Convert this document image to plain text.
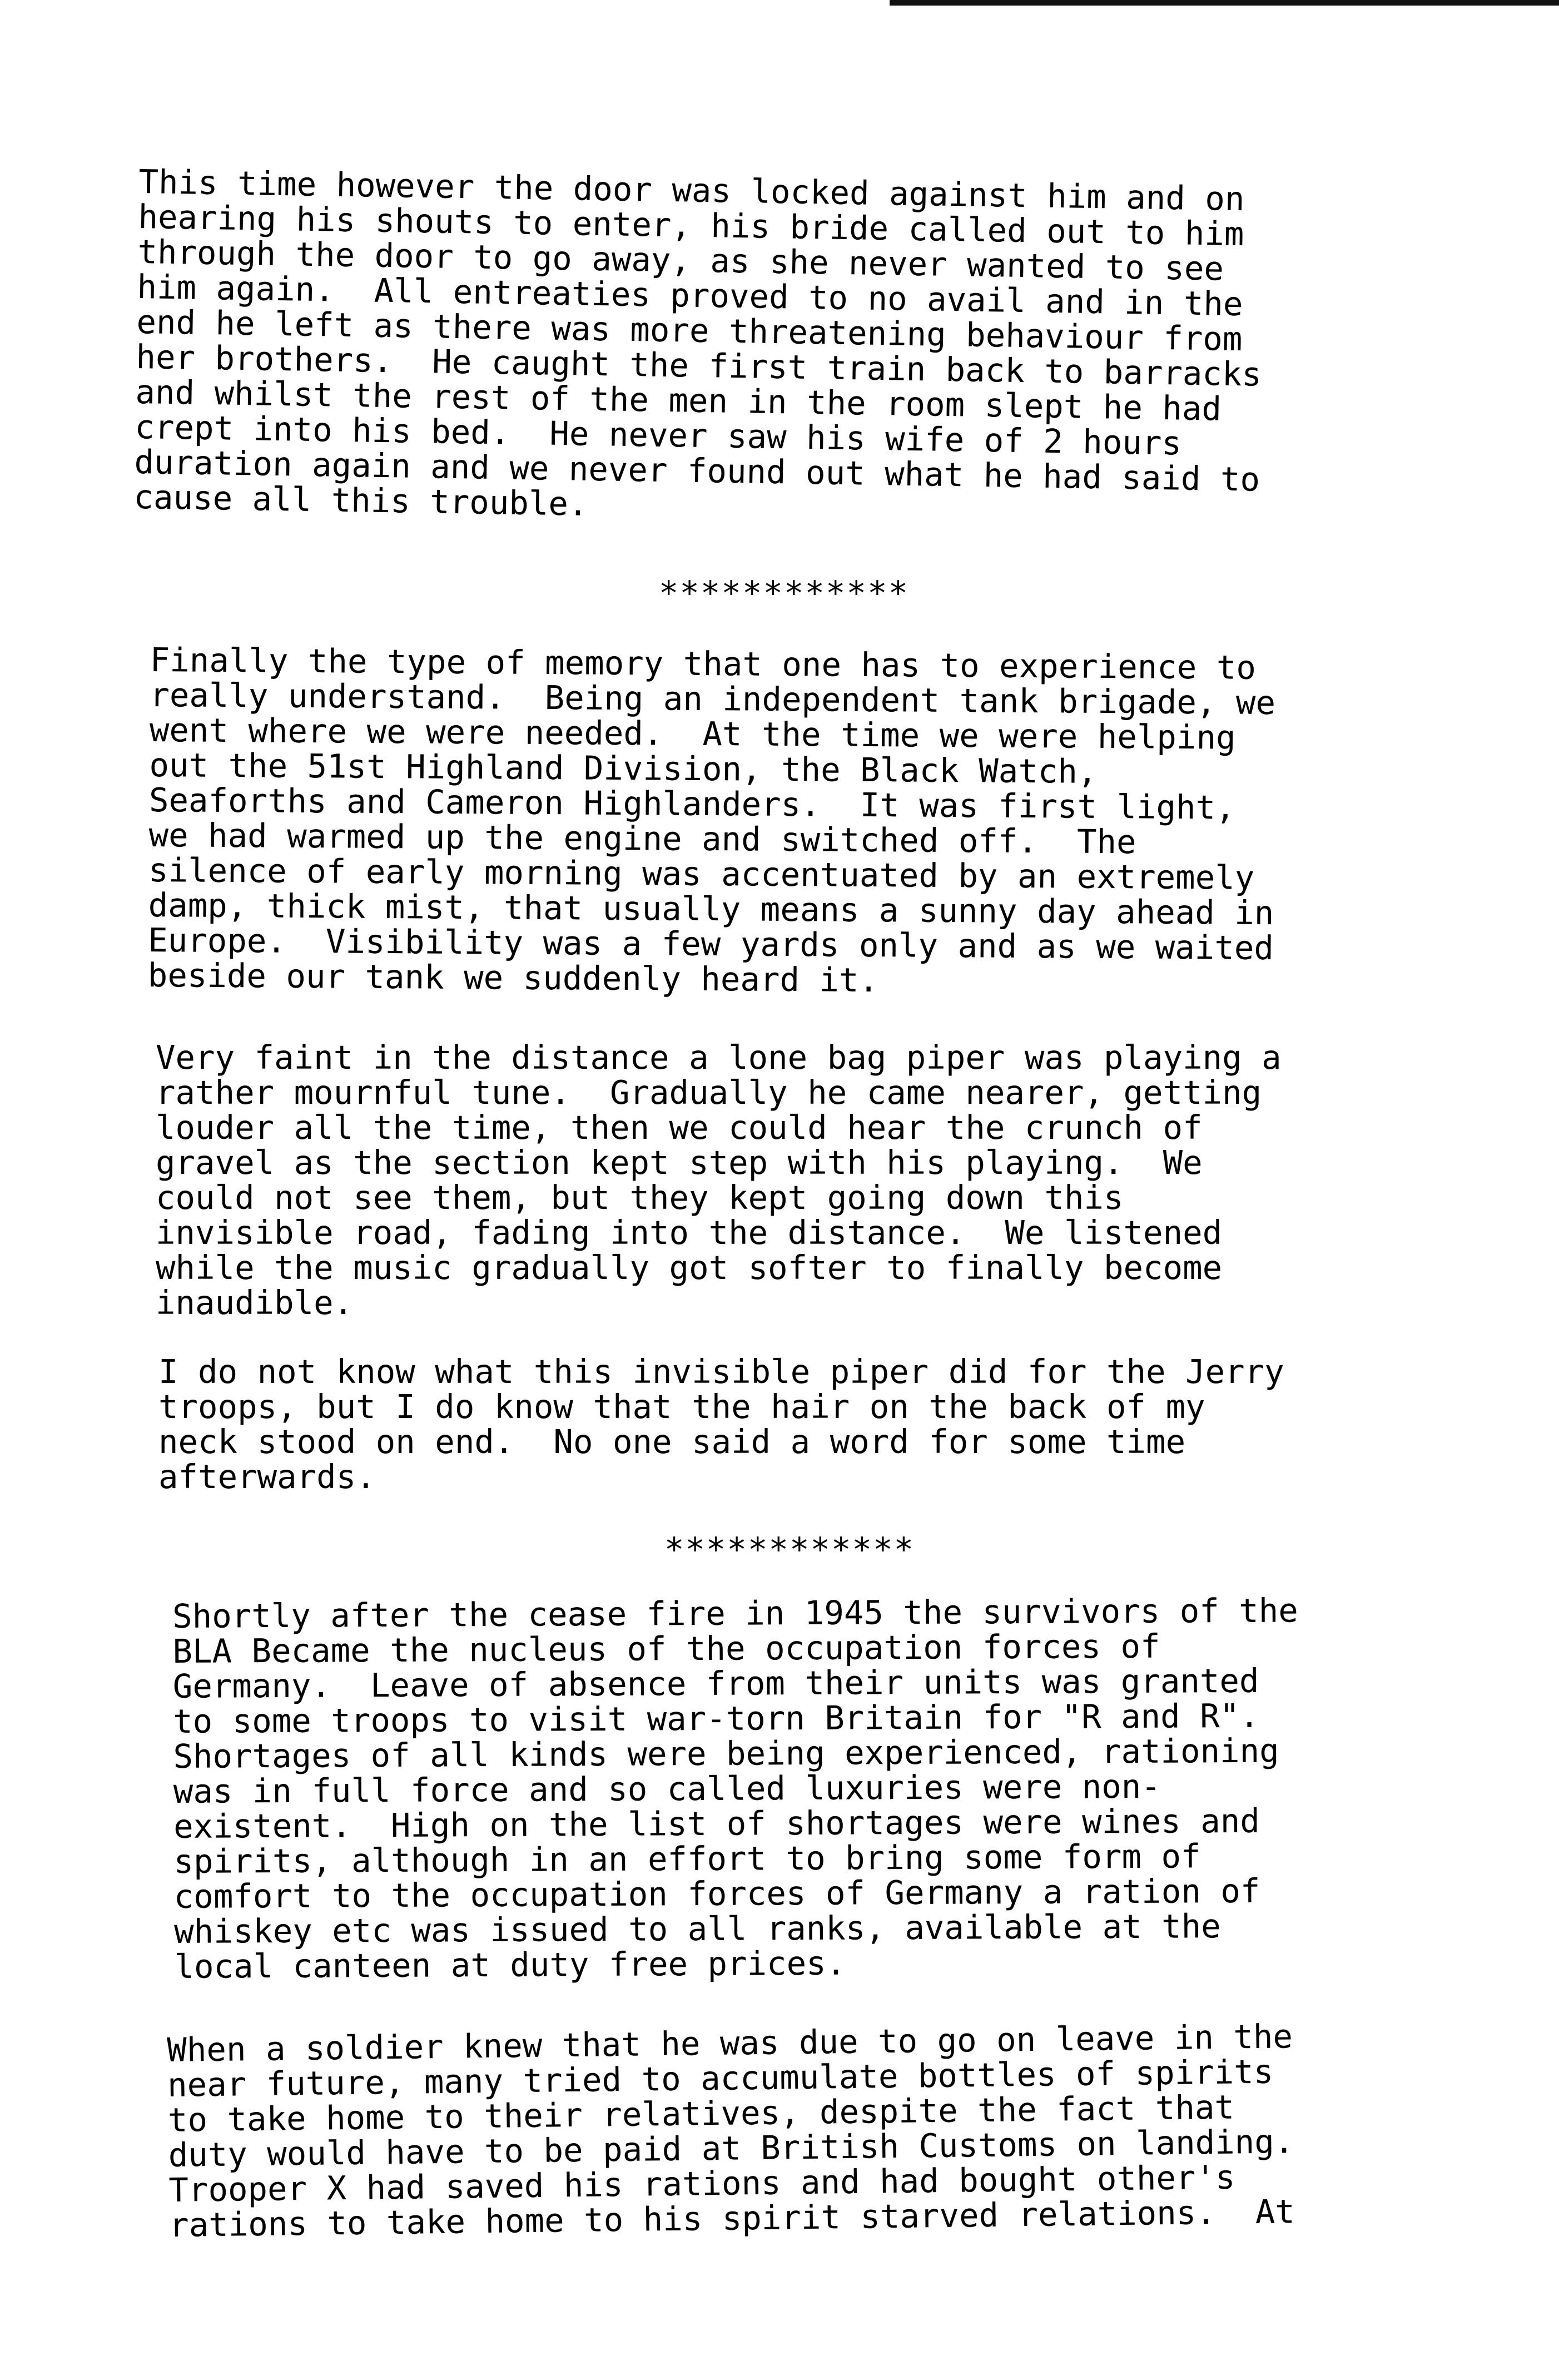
This time however the door was locked against him and on
hearing his shouts to enter, his bride called out to him
through the door to go away, as she never wanted to see
him again.  All entreaties proved to no avail and in the
end he left as there was more threatening behaviour from
her brothers.  He caught the first train back to barracks
and whilst the rest of the men in the room slept he had
crept into his bed.  He never saw his wife of 2 hours
duration again and we never found out what he had said to
cause all this trouble.

************

Finally the type of memory that one has to experience to
really understand.  Being an independent tank brigade, we
went where we were needed.  At the time we were helping
out the 51st Highland Division, the Black Watch,
Seaforths and Cameron Highlanders.  It was first light,
we had warmed up the engine and switched off.  The
silence of early morning was accentuated by an extremely
damp, thick mist, that usually means a sunny day ahead in
Europe.  Visibility was a few yards only and as we waited
beside our tank we suddenly heard it.

Very faint in the distance a lone bag piper was playing a
rather mournful tune.  Gradually he came nearer, getting
louder all the time, then we could hear the crunch of
gravel as the section kept step with his playing.  We
could not see them, but they kept going down this
invisible road, fading into the distance.  We listened
while the music gradually got softer to finally become
inaudible.

I do not know what this invisible piper did for the Jerry
troops, but I do know that the hair on the back of my
neck stood on end.  No one said a word for some time
afterwards.

************

Shortly after the cease fire in 1945 the survivors of the
BLA Became the nucleus of the occupation forces of
Germany.  Leave of absence from their units was granted
to some troops to visit war-torn Britain for "R and R".
Shortages of all kinds were being experienced, rationing
was in full force and so called luxuries were non-
existent.  High on the list of shortages were wines and
spirits, although in an effort to bring some form of
comfort to the occupation forces of Germany a ration of
whiskey etc was issued to all ranks, available at the
local canteen at duty free prices.

When a soldier knew that he was due to go on leave in the
near future, many tried to accumulate bottles of spirits
to take home to their relatives, despite the fact that
duty would have to be paid at British Customs on landing.
Trooper X had saved his rations and had bought other's
rations to take home to his spirit starved relations.  At
